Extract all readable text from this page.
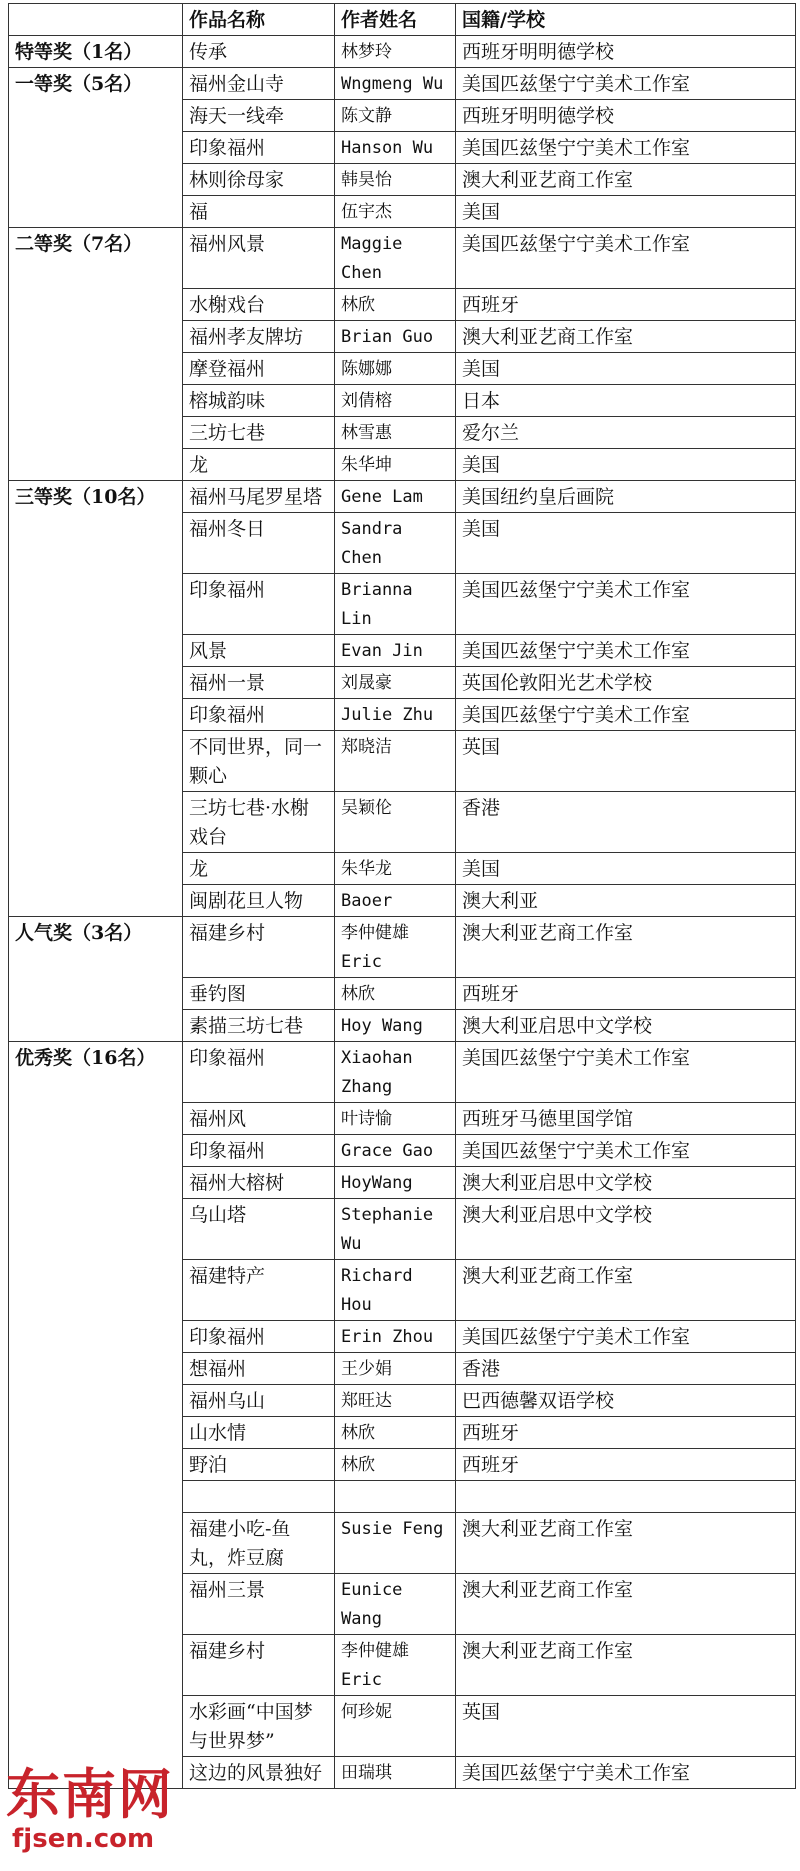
	作品名称	作者姓名	国籍/学校
特等奖（1名）	传承	林梦玲	西班牙明明德学校
一等奖（5名）	福州金山寺	Wngmeng Wu	美国匹兹堡宁宁美术工作室
	海天一线牵	陈文静	西班牙明明德学校
	印象福州	Hanson Wu	美国匹兹堡宁宁美术工作室
	林则徐母家	韩昊怡	澳大利亚艺商工作室
	福	伍宇杰	美国
二等奖（7名）	福州风景	Maggie Chen	美国匹兹堡宁宁美术工作室
	水榭戏台	林欣	西班牙
	福州孝友牌坊	Brian Guo	澳大利亚艺商工作室
	摩登福州	陈娜娜	美国
	榕城韵味	刘倩榕	日本
	三坊七巷	林雪惠	爱尔兰
	龙	朱华坤	美国
三等奖（10名）	福州马尾罗星塔	Gene Lam	美国纽约皇后画院
	福州冬日	Sandra Chen	美国
	印象福州	Brianna Lin	美国匹兹堡宁宁美术工作室
	风景	Evan Jin	美国匹兹堡宁宁美术工作室
	福州一景	刘晟豪	英国伦敦阳光艺术学校
	印象福州	Julie Zhu	美国匹兹堡宁宁美术工作室
	不同世界，同一颗心	郑晓洁	英国
	三坊七巷·水榭戏台	吴颖伦	香港
	龙	朱华龙	美国
	闽剧花旦人物	Baoer	澳大利亚
人气奖（3名）	福建乡村	李仲健雄 Eric	澳大利亚艺商工作室
	垂钓图	林欣	西班牙
	素描三坊七巷	Hoy Wang	澳大利亚启思中文学校
优秀奖（16名）	印象福州	Xiaohan Zhang	美国匹兹堡宁宁美术工作室
	福州风	叶诗愉	西班牙马德里国学馆
	印象福州	Grace Gao	美国匹兹堡宁宁美术工作室
	福州大榕树	HoyWang	澳大利亚启思中文学校
	乌山塔	Stephanie Wu	澳大利亚启思中文学校
	福建特产	Richard Hou	澳大利亚艺商工作室
	印象福州	Erin Zhou	美国匹兹堡宁宁美术工作室
	想福州	王少娟	香港
	福州乌山	郑旺达	巴西德馨双语学校
	山水情	林欣	西班牙
	野泊	林欣	西班牙

	福建小吃-鱼丸，炸豆腐	Susie Feng	澳大利亚艺商工作室
	福州三景	Eunice Wang	澳大利亚艺商工作室
	福建乡村	李仲健雄 Eric	澳大利亚艺商工作室
	水彩画“中国梦与世界梦”	何珍妮	英国
	这边的风景独好	田瑞琪	美国匹兹堡宁宁美术工作室
东南网
fjsen.com
